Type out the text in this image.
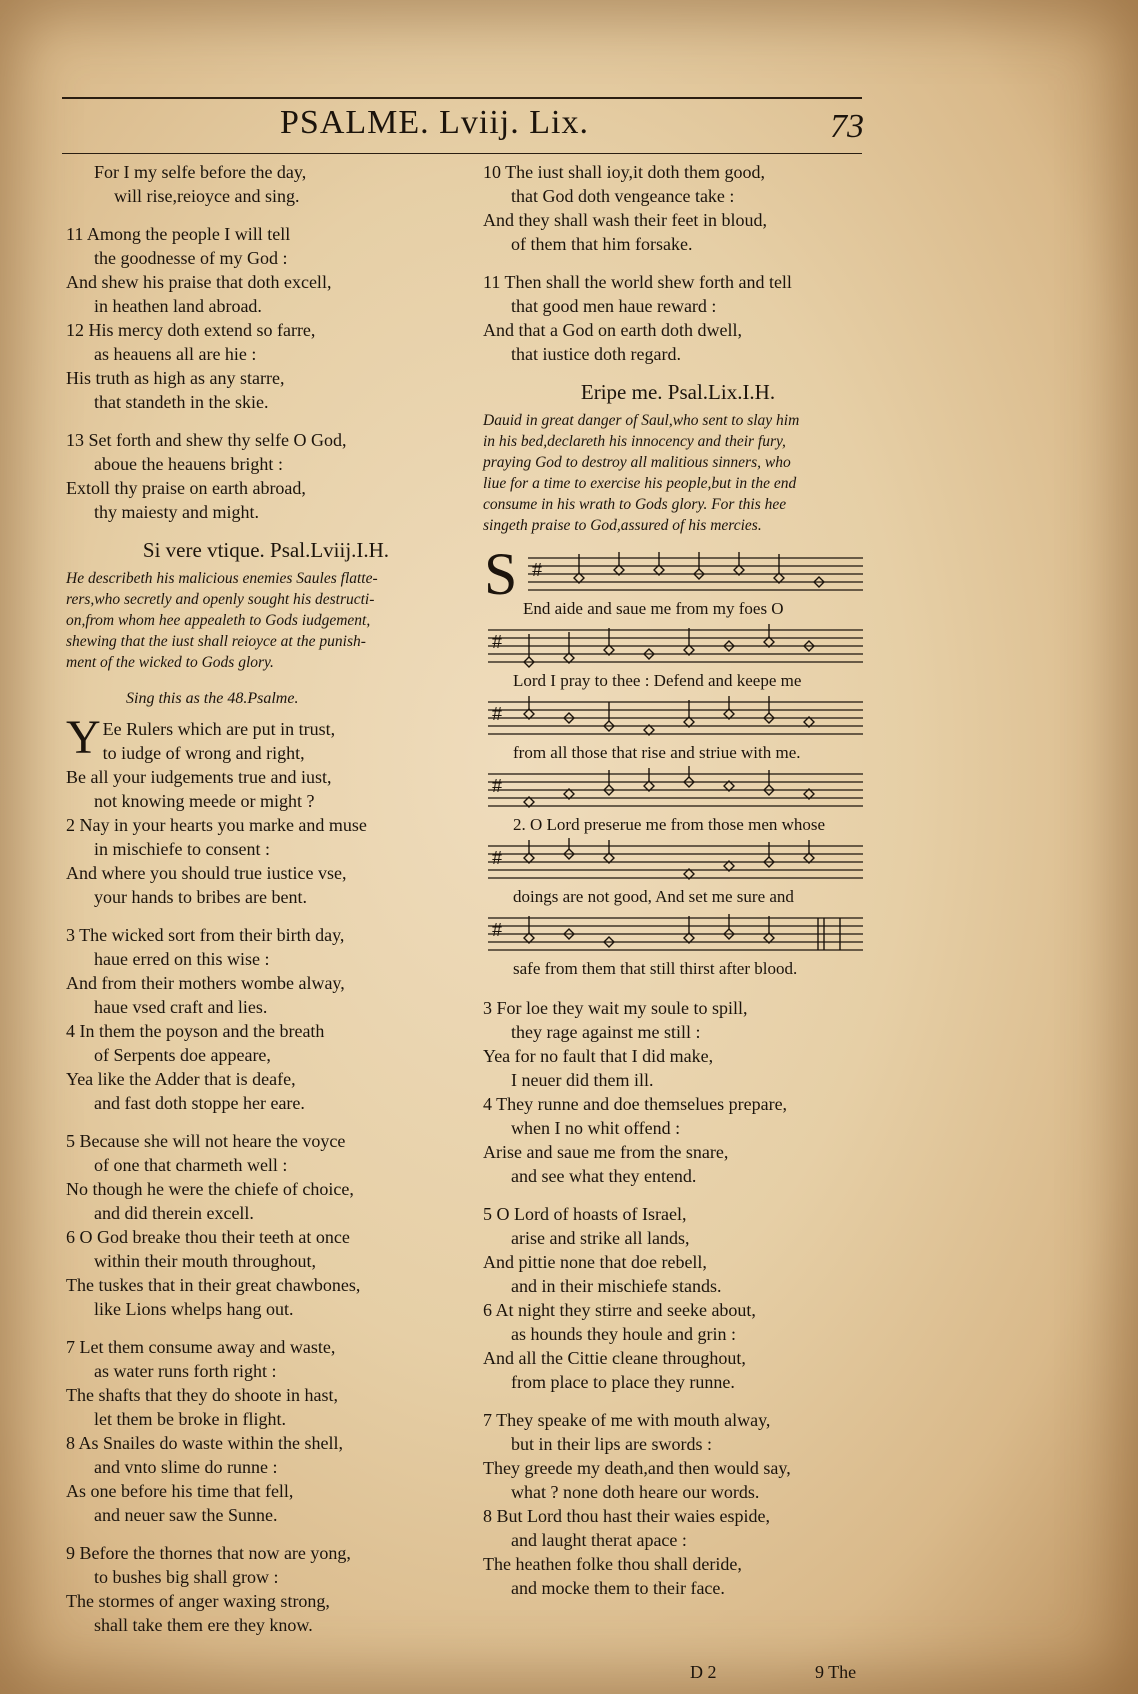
PSALME. Lviij. Lix.	73
For I my selfe before the day,
will rise,reioyce and sing.
11 Among the people I will tell
the goodnesse of my God :
And shew his praise that doth excell,
in heathen land abroad.
12 His mercy doth extend so farre,
as heauens all are hie :
His truth as high as any starre,
that standeth in the skie.
13 Set forth and shew thy selfe O God,
aboue the heauens bright :
Extoll thy praise on earth abroad,
thy maiesty and might.
Si vere vtique. Psal.Lviij.I.H.
He describeth his malicious enemies Saules flatte-
rers,who secretly and openly sought his destructi-
on,from whom hee appealeth to Gods iudgement,
shewing that the iust shall reioyce at the punish-
ment of the wicked to Gods glory.
Sing this as the 48.Psalme.
Y Ee Rulers which are put in trust,
to iudge of wrong and right,
Be all your iudgements true and iust,
not knowing meede or might ?
2 Nay in your hearts you marke and muse
in mischiefe to consent :
And where you should true iustice vse,
your hands to bribes are bent.
3 The wicked sort from their birth day,
haue erred on this wise :
And from their mothers wombe alway,
haue vsed craft and lies.
4 In them the poyson and the breath
of Serpents doe appeare,
Yea like the Adder that is deafe,
and fast doth stoppe her eare.
5 Because she will not heare the voyce
of one that charmeth well :
No though he were the chiefe of choice,
and did therein excell.
6 O God breake thou their teeth at once
within their mouth throughout,
The tuskes that in their great chawbones,
like Lions whelps hang out.
7 Let them consume away and waste,
as water runs forth right :
The shafts that they do shoote in hast,
let them be broke in flight.
8 As Snailes do waste within the shell,
and vnto slime do runne :
As one before his time that fell,
and neuer saw the Sunne.
9 Before the thornes that now are yong,
to bushes big shall grow :
The stormes of anger waxing strong,
shall take them ere they know.
10 The iust shall ioy,it doth them good,
that God doth vengeance take :
And they shall wash their feet in bloud,
of them that him forsake.
11 Then shall the world shew forth and tell
that good men haue reward :
And that a God on earth doth dwell,
that iustice doth regard.
Eripe me. Psal.Lix.I.H.
Dauid in great danger of Saul,who sent to slay him
in his bed,declareth his innocency and their fury,
praying God to destroy all malitious sinners, who
liue for a time to exercise his people,but in the end
consume in his wrath to Gods glory. For this hee
singeth praise to God,assured of his mercies.
S #
End aide and saue me from my foes O
#
Lord I pray to thee : Defend and keepe me
#
from all those that rise and striue with me.
#
2. O Lord preserue me from those men whose
#
doings are not good, And set me sure and
#
safe from them that still thirst after blood.
3 For loe they wait my soule to spill,
they rage against me still :
Yea for no fault that I did make,
I neuer did them ill.
4 They runne and doe themselues prepare,
when I no whit offend :
Arise and saue me from the snare,
and see what they entend.
5 O Lord of hoasts of Israel,
arise and strike all lands,
And pittie none that doe rebell,
and in their mischiefe stands.
6 At night they stirre and seeke about,
as hounds they houle and grin :
And all the Cittie cleane throughout,
from place to place they runne.
7 They speake of me with mouth alway,
but in their lips are swords :
They greede my death,and then would say,
what ? none doth heare our words.
8 But Lord thou hast their waies espide,
and laught therat apace :
The heathen folke thou shall deride,
and mocke them to their face.
D 2	9 The
